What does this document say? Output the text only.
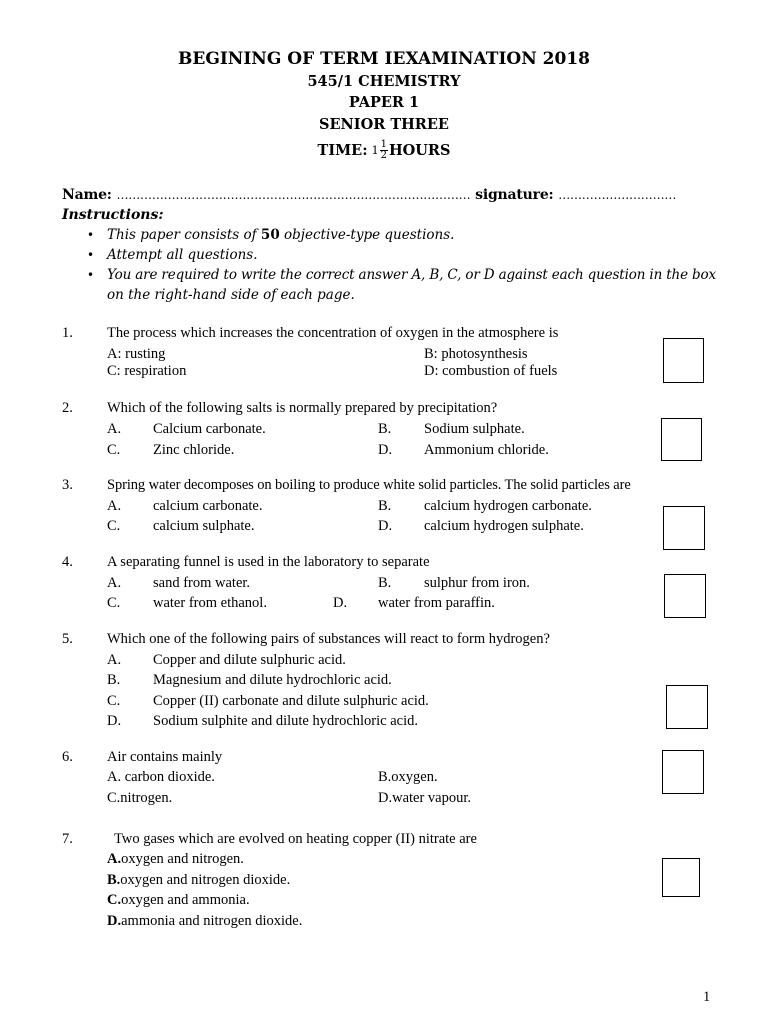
BEGINING OF TERM IEXAMINATION 2018
545/1 CHEMISTRY
PAPER 1
SENIOR THREE
TIME: $1 \frac{1}{2}$ HOURS
Name: ……………………………………………………………………………… signature: …………………………
Instructions:
• This paper consists of 50 objective-type questions.
• Attempt all questions.
• You are required to write the correct answer A, B, C, or D against each question in the box
on the right-hand side of each page.
1. The process which increases the concentration of oxygen in the atmosphere is
A: rusting	B: photosynthesis
C: respiration	D: combustion of fuels
2. Which of the following salts is normally prepared by precipitation?
A. Calcium carbonate.	B. Sodium sulphate.
C. Zinc chloride.	D. Ammonium chloride.
3. Spring water decomposes on boiling to produce white solid particles. The solid particles are
A. calcium carbonate.	B. calcium hydrogen carbonate.
C. calcium sulphate.	D. calcium hydrogen sulphate.
4. A separating funnel is used in the laboratory to separate
A. sand from water.	B. sulphur from iron.
C. water from ethanol.	D. water from paraffin.
5. Which one of the following pairs of substances will react to form hydrogen?
A. Copper and dilute sulphuric acid.
B. Magnesium and dilute hydrochloric acid.
C. Copper (II) carbonate and dilute sulphuric acid.
D. Sodium sulphite and dilute hydrochloric acid.
6. Air contains mainly
A. carbon dioxide.	B.oxygen.
C.nitrogen.	D.water vapour.
7.	Two gases which are evolved on heating copper (II) nitrate are
A.oxygen and nitrogen.
B.oxygen and nitrogen dioxide.
C.oxygen and ammonia.
D.ammonia and nitrogen dioxide.
1
